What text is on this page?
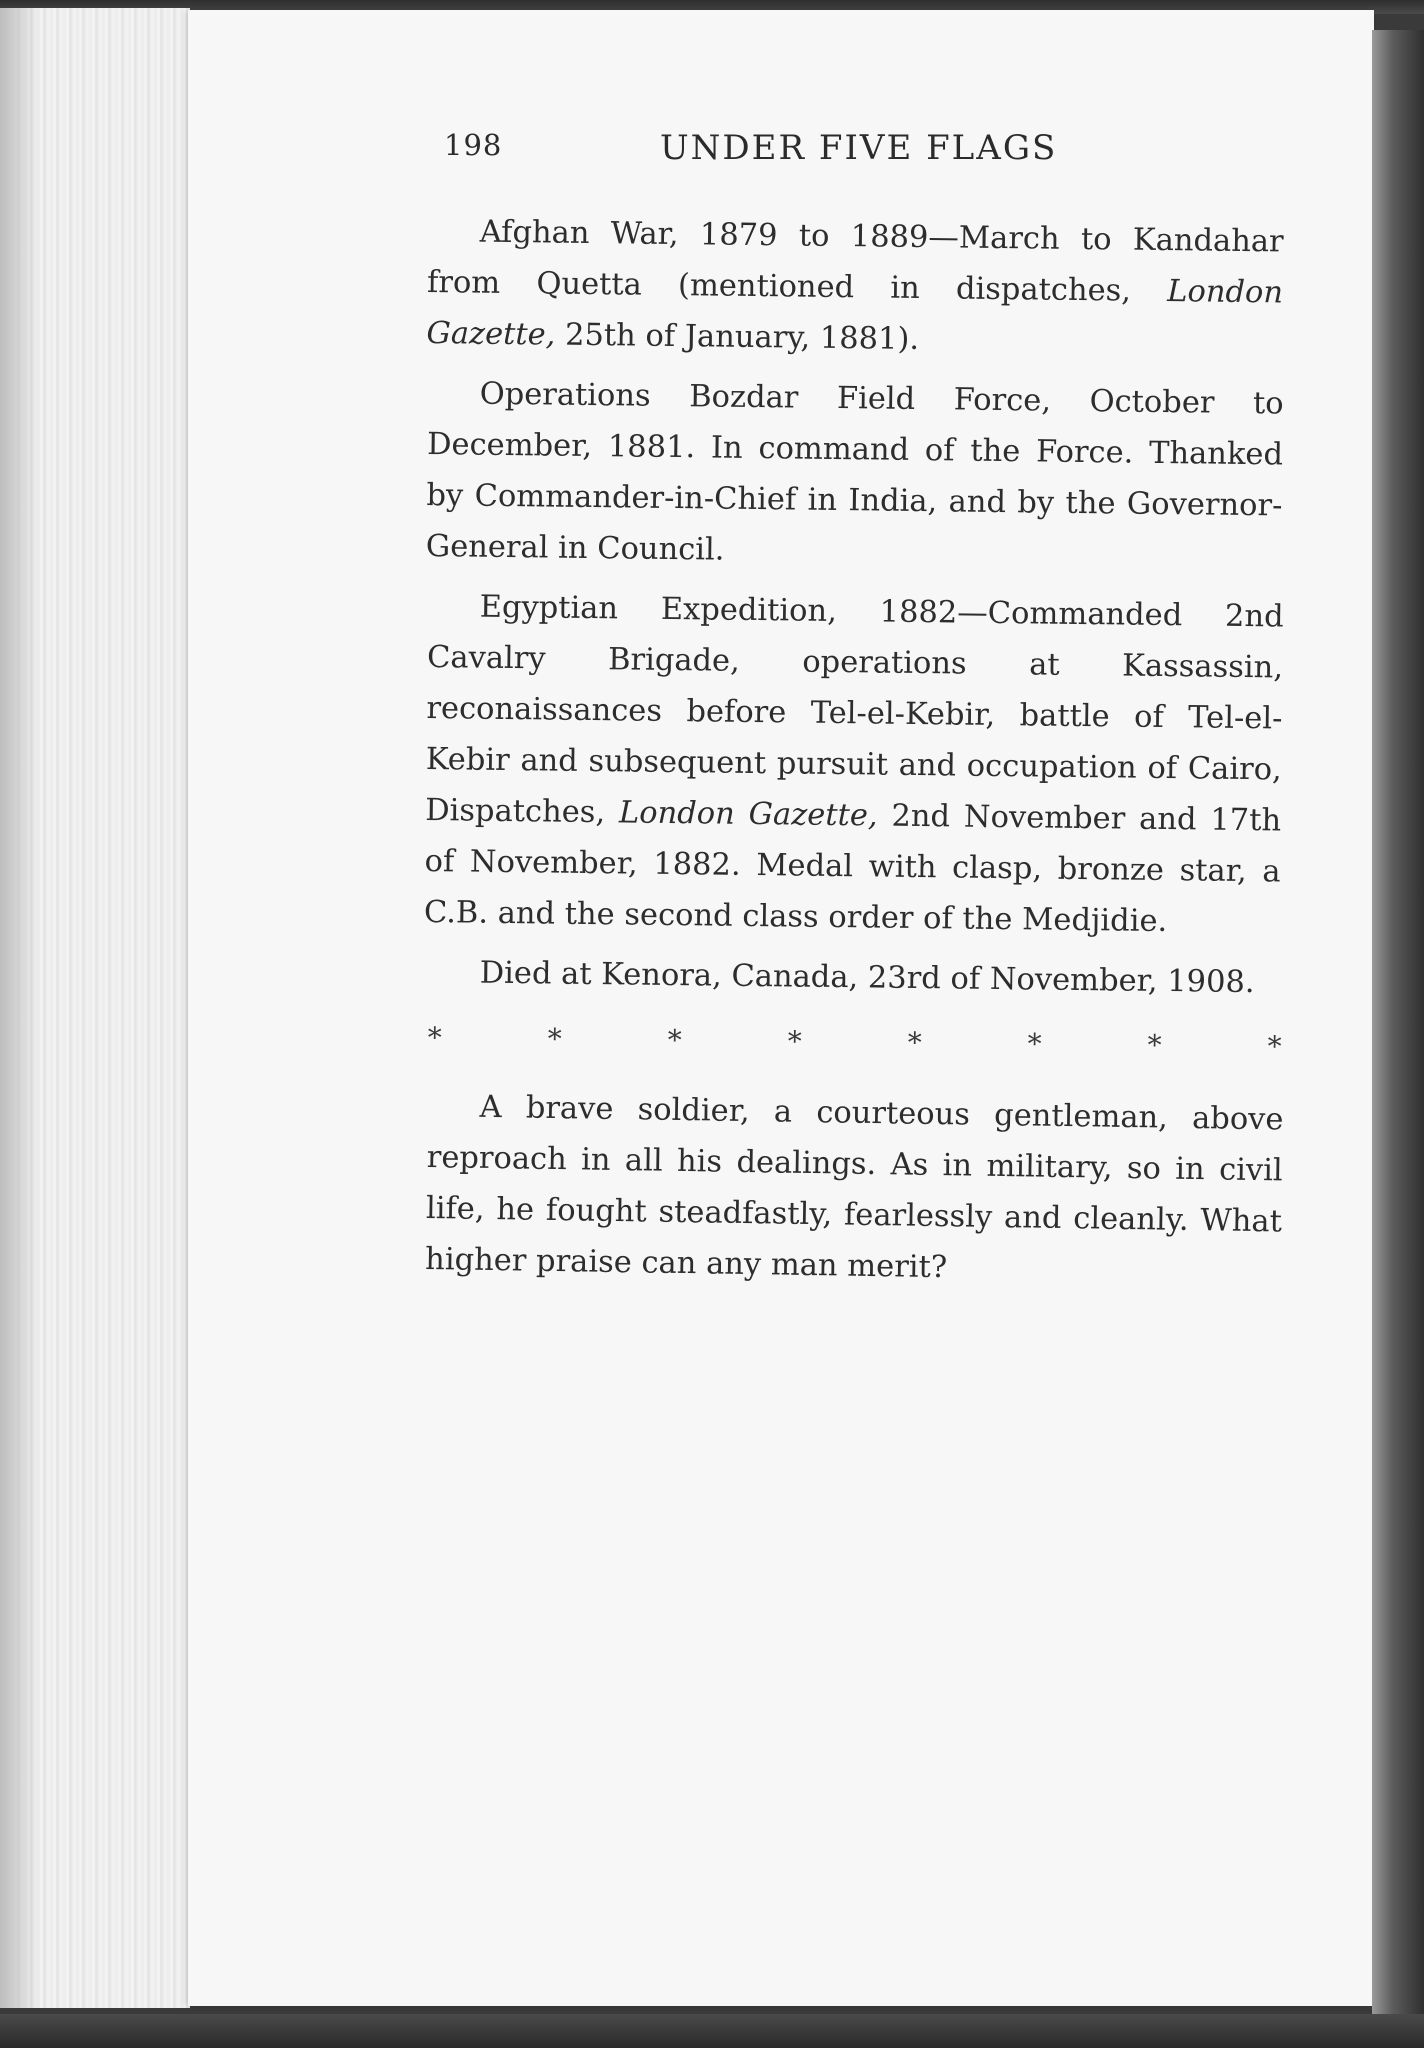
198	UNDER FIVE FLAGS

Afghan War, 1879 to 1889—March to Kandahar from Quetta (mentioned in dispatches, London Gazette, 25th of January, 1881).

Operations Bozdar Field Force, October to December, 1881. In command of the Force. Thanked by Commander-in-Chief in India, and by the Governor-General in Council.

Egyptian Expedition, 1882—Commanded 2nd Cavalry Brigade, operations at Kassassin, reconaissances before Tel-el-Kebir, battle of Tel-el-Kebir and subsequent pursuit and occupation of Cairo, Dispatches, London Gazette, 2nd November and 17th of November, 1882. Medal with clasp, bronze star, a C.B. and the second class order of the Medjidie.

Died at Kenora, Canada, 23rd of November, 1908.

*	*	*	*	*	*	*	*

A brave soldier, a courteous gentleman, above reproach in all his dealings. As in military, so in civil life, he fought steadfastly, fearlessly and cleanly. What higher praise can any man merit?
